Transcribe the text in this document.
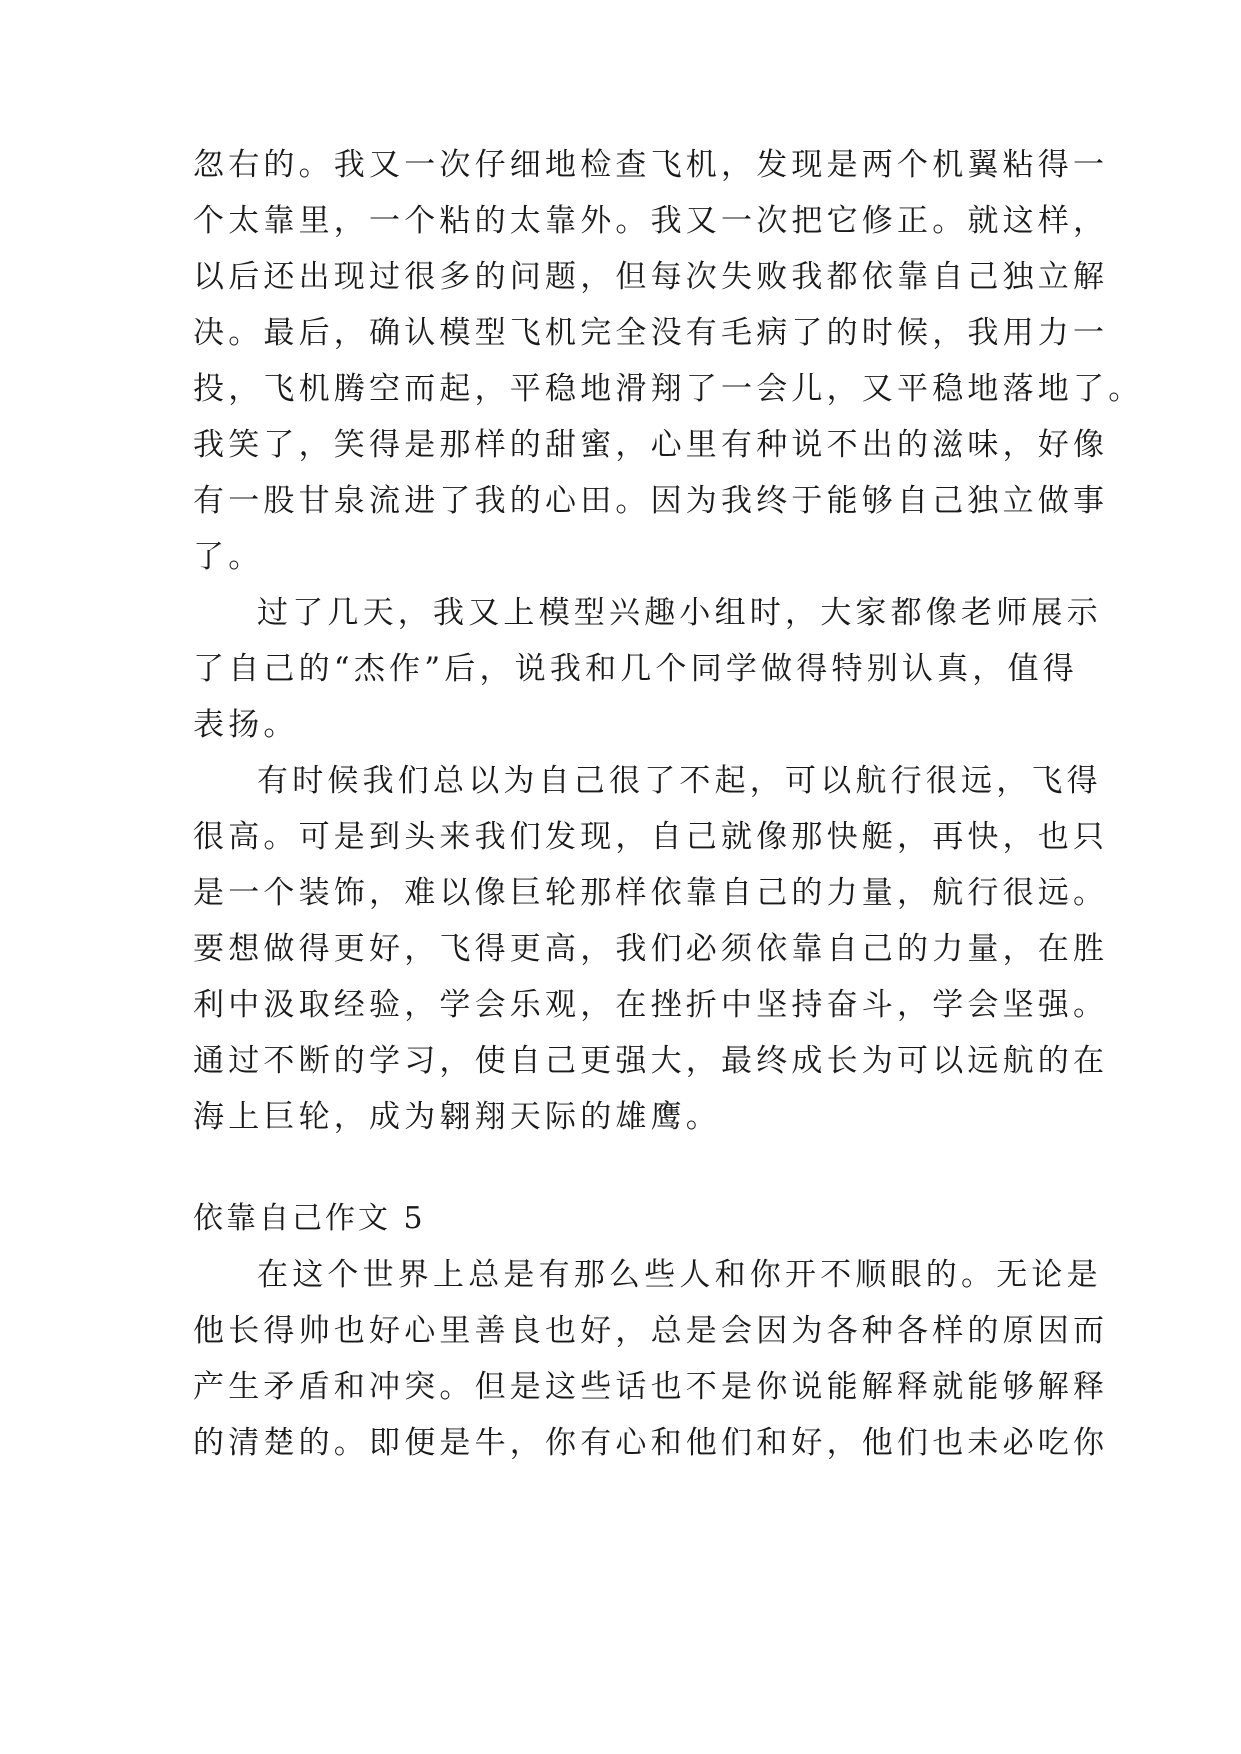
忽右的。我又一次仔细地检查飞机，发现是两个机翼粘得一
个太靠里，一个粘的太靠外。我又一次把它修正。就这样，
以后还出现过很多的问题，但每次失败我都依靠自己独立解
决。最后，确认模型飞机完全没有毛病了的时候，我用力一
投，飞机腾空而起，平稳地滑翔了一会儿，又平稳地落地了。
我笑了，笑得是那样的甜蜜，心里有种说不出的滋味，好像
有一股甘泉流进了我的心田。因为我终于能够自己独立做事
了。
过了几天，我又上模型兴趣小组时，大家都像老师展示
了自己的“杰作”后，说我和几个同学做得特别认真，值得
表扬。
有时候我们总以为自己很了不起，可以航行很远，飞得
很高。可是到头来我们发现，自己就像那快艇，再快，也只
是一个装饰，难以像巨轮那样依靠自己的力量，航行很远。
要想做得更好，飞得更高，我们必须依靠自己的力量，在胜
利中汲取经验，学会乐观，在挫折中坚持奋斗，学会坚强。
通过不断的学习，使自己更强大，最终成长为可以远航的在
海上巨轮，成为翱翔天际的雄鹰。
依靠自己作文 5
在这个世界上总是有那么些人和你开不顺眼的。无论是
他长得帅也好心里善良也好，总是会因为各种各样的原因而
产生矛盾和冲突。但是这些话也不是你说能解释就能够解释
的清楚的。即便是牛，你有心和他们和好，他们也未必吃你
